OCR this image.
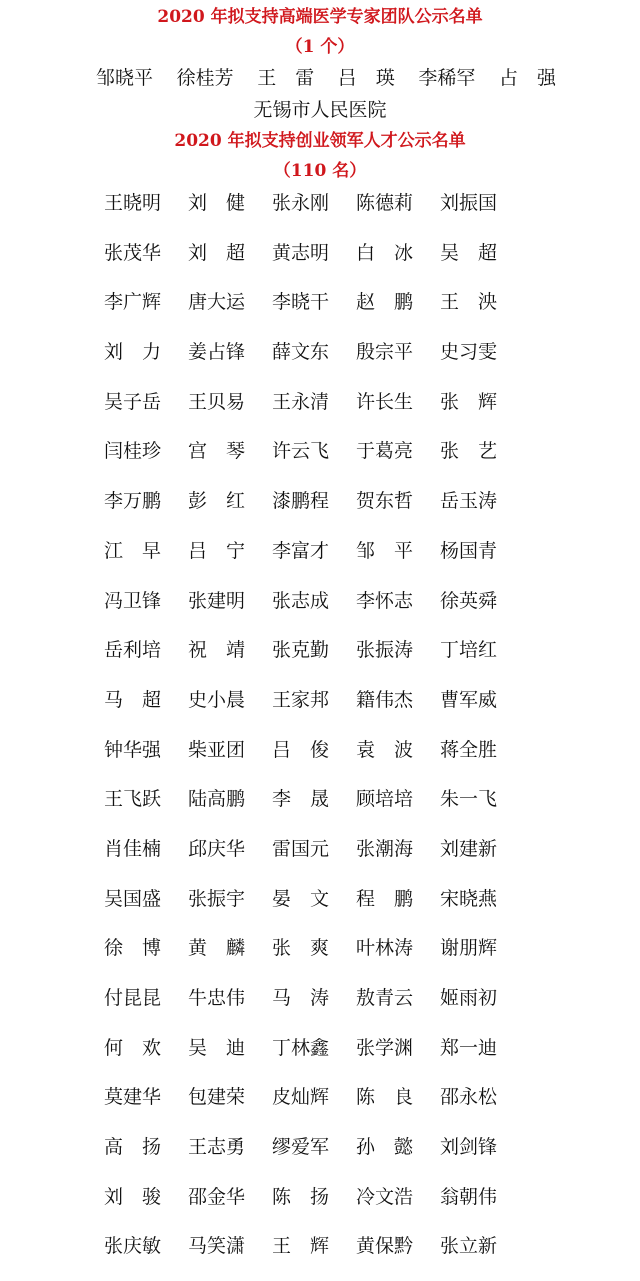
2020 年拟支持高端医学专家团队公示名单
（1 个）
邹晓平 徐桂芳 王　雷 吕　瑛 李稀罕 占　强
无锡市人民医院
2020 年拟支持创业领军人才公示名单
（110 名）
王晓明	刘　健	张永刚	陈德莉	刘振国
张茂华	刘　超	黄志明	白　冰	吴　超
李广辉	唐大运	李晓干	赵　鹏	王　泱
刘　力	姜占锋	薛文东	殷宗平	史习雯
吴子岳	王贝易	王永清	许长生	张　辉
闫桂珍	宫　琴	许云飞	于葛亮	张　艺
李万鹏	彭　红	漆鹏程	贺东哲	岳玉涛
江　早	吕　宁	李富才	邹　平	杨国青
冯卫锋	张建明	张志成	李怀志	徐英舜
岳利培	祝　靖	张克勤	张振涛	丁培红
马　超	史小晨	王家邦	籍伟杰	曹军威
钟华强	柴亚团	吕　俊	袁　波	蒋全胜
王飞跃	陆高鹏	李　晟	顾培培	朱一飞
肖佳楠	邱庆华	雷国元	张潮海	刘建新
吴国盛	张振宇	晏　文	程　鹏	宋晓燕
徐　博	黄　麟	张　爽	叶林涛	谢朋辉
付昆昆	牛忠伟	马　涛	敖青云	姬雨初
何　欢	吴　迪	丁林鑫	张学渊	郑一迪
莫建华	包建荣	皮灿辉	陈　良	邵永松
高　扬	王志勇	缪爱军	孙　懿	刘剑锋
刘　骏	邵金华	陈　扬	冷文浩	翁朝伟
张庆敏	马笑潇	王　辉	黄保黔	张立新
